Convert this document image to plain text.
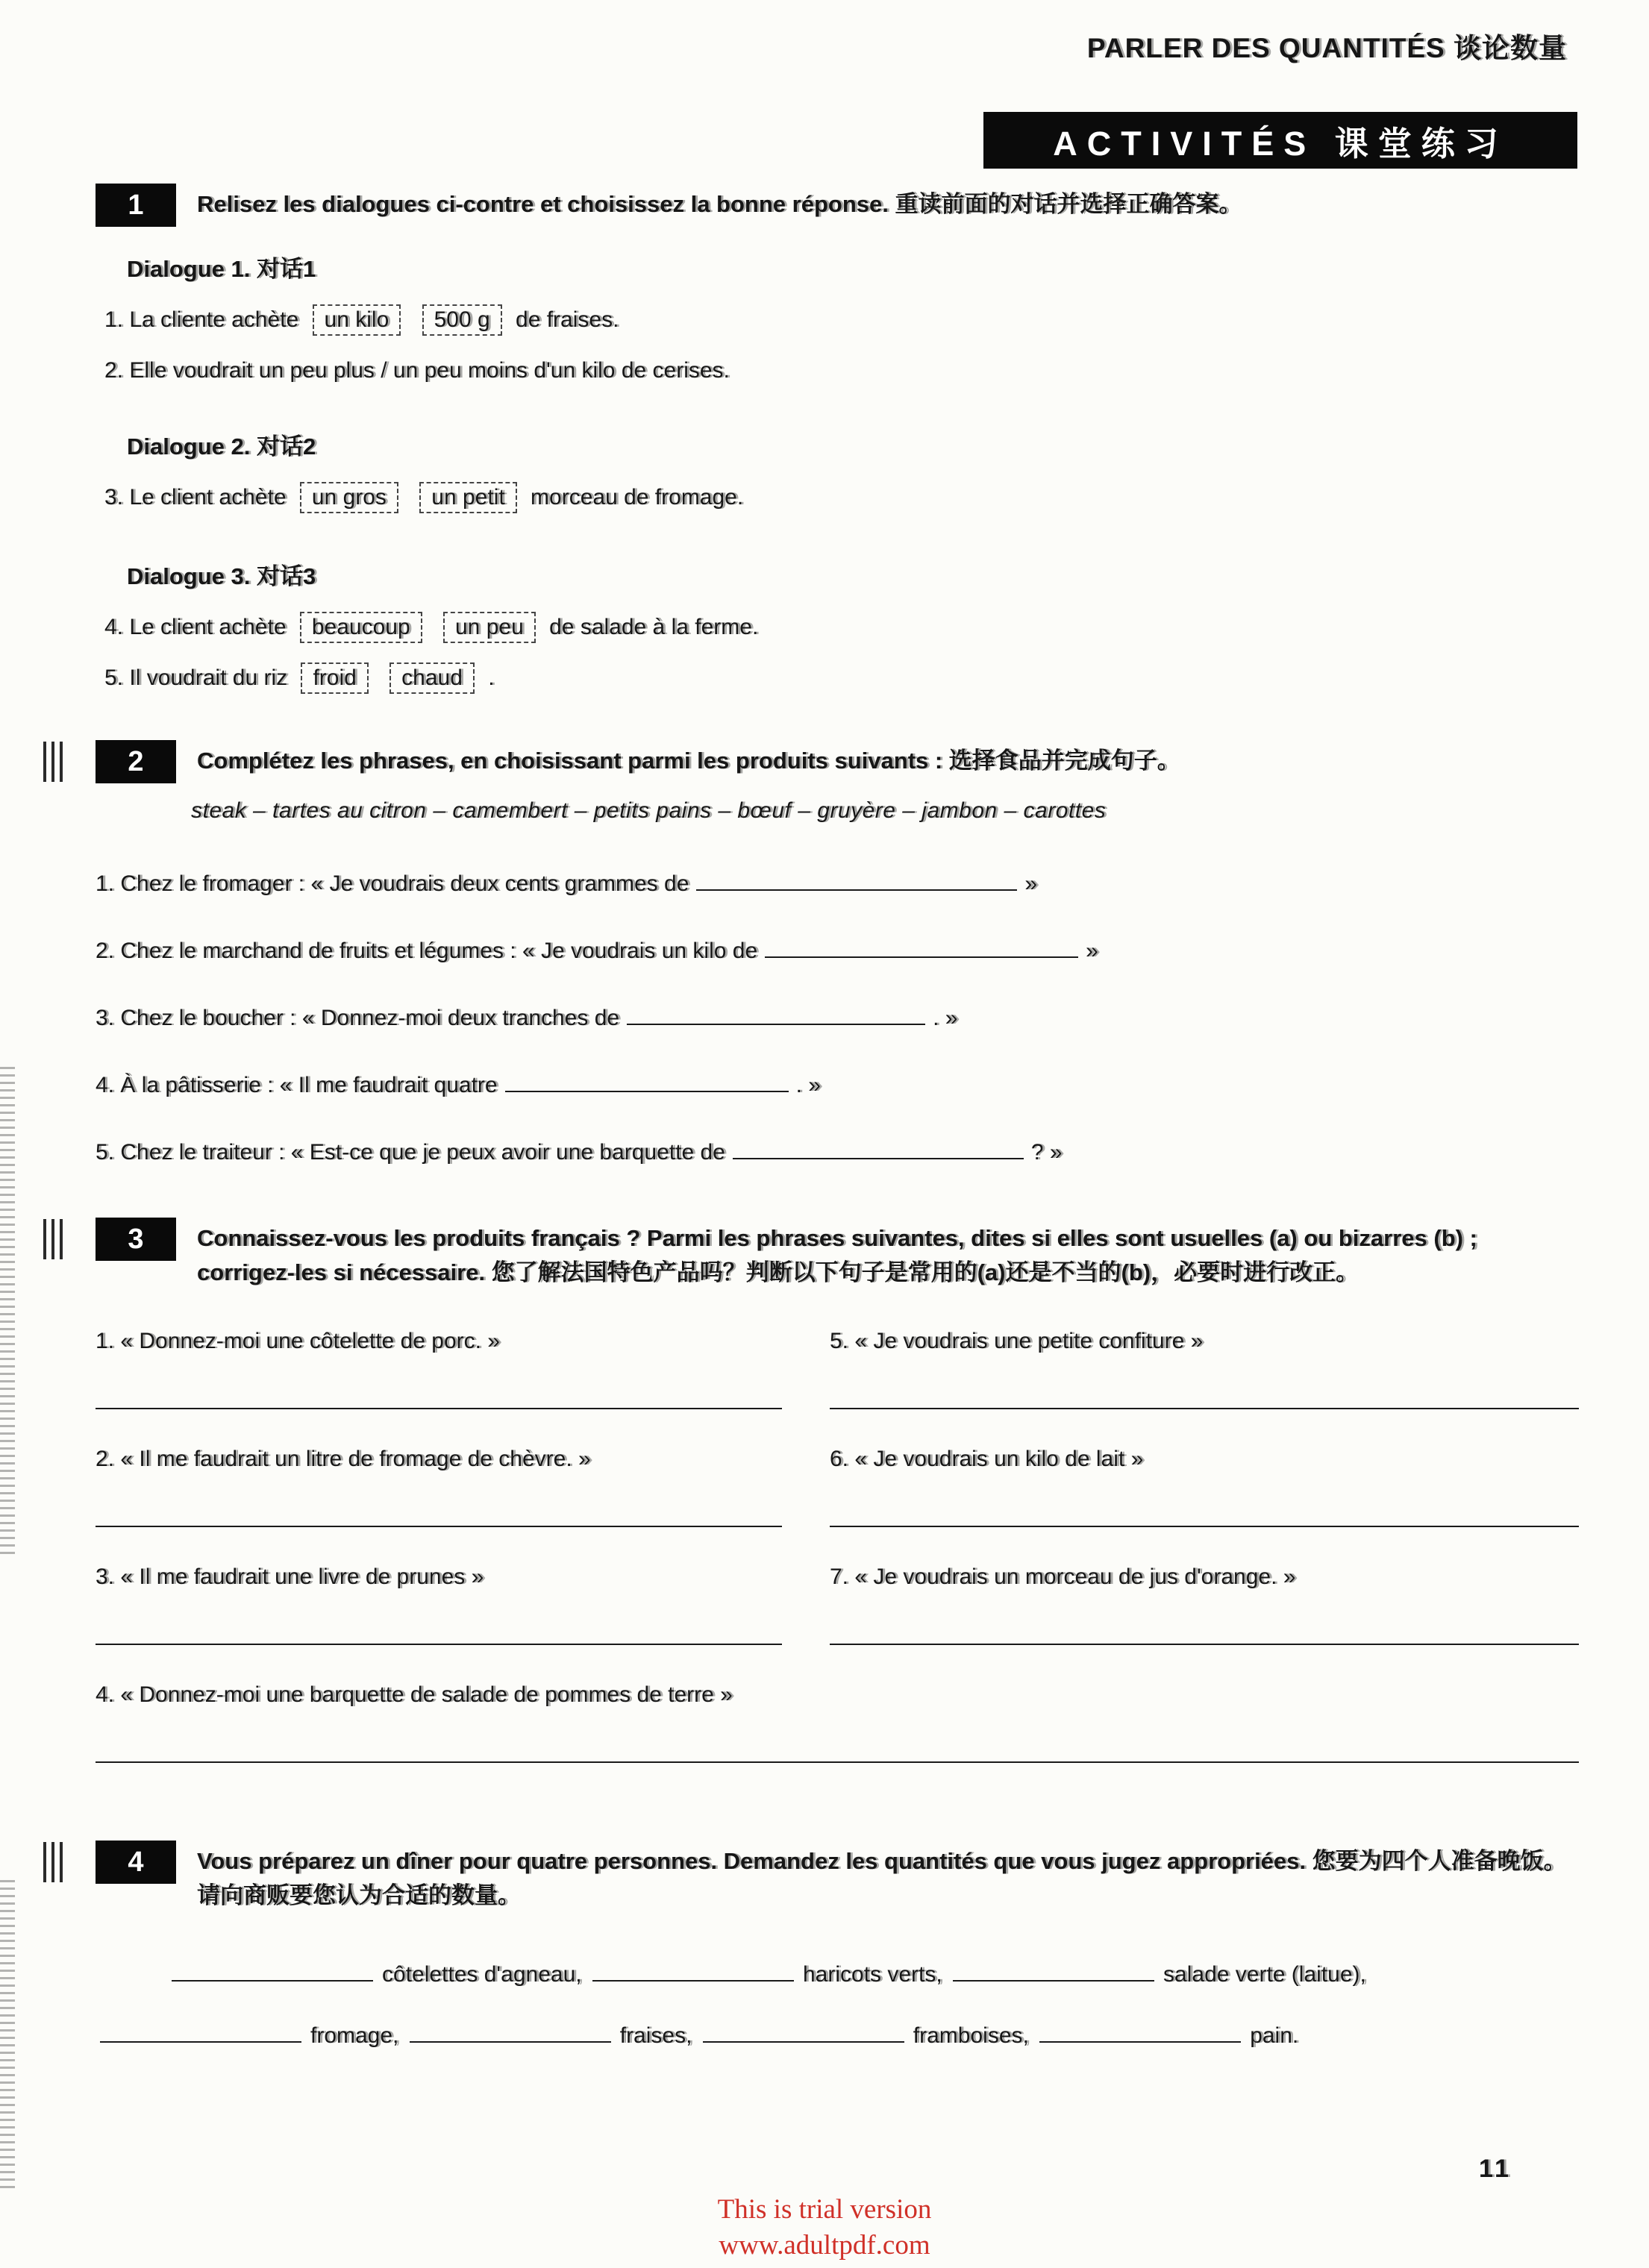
PARLER DES QUANTITÉS 谈论数量
ACTIVITÉS 课堂练习
1	Relisez les dialogues ci-contre et choisissez la bonne réponse. 重读前面的对话并选择正确答案。
Dialogue 1. 对话1
1. La cliente achète un kilo 500 g de fraises.
2. Elle voudrait un peu plus / un peu moins d'un kilo de cerises.
Dialogue 2. 对话2
3. Le client achète un gros un petit morceau de fromage.
Dialogue 3. 对话3
4. Le client achète beaucoup un peu de salade à la ferme.
5. Il voudrait du riz froid chaud .
2	Complétez les phrases, en choisissant parmi les produits suivants : 选择食品并完成句子。
steak – tartes au citron – camembert – petits pains – bœuf – gruyère – jambon – carottes
1. Chez le fromager : « Je voudrais deux cents grammes de	»
2. Chez le marchand de fruits et légumes : « Je voudrais un kilo de	»
3. Chez le boucher : « Donnez-moi deux tranches de	. »
4. À la pâtisserie : « Il me faudrait quatre	. »
5. Chez le traiteur : « Est-ce que je peux avoir une barquette de	? »
3	Connaissez-vous les produits français ? Parmi les phrases suivantes, dites si elles sont usuelles (a) ou bizarres (b) ; corrigez-les si nécessaire. 您了解法国特色产品吗？判断以下句子是常用的(a)还是不当的(b)，必要时进行改正。
1. « Donnez-moi une côtelette de porc. »	5. « Je voudrais une petite confiture »
2. « Il me faudrait un litre de fromage de chèvre. »	6. « Je voudrais un kilo de lait »
3. « Il me faudrait une livre de prunes »	7. « Je voudrais un morceau de jus d'orange. »
4. « Donnez-moi une barquette de salade de pommes de terre »
4	Vous préparez un dîner pour quatre personnes. Demandez les quantités que vous jugez appropriées. 您要为四个人准备晚饭。请向商贩要您认为合适的数量。
côtelettes d'agneau,	haricots verts,	salade verte (laitue), fromage,	fraises,	framboises,	pain.
11
This is trial version
www.adultpdf.com
